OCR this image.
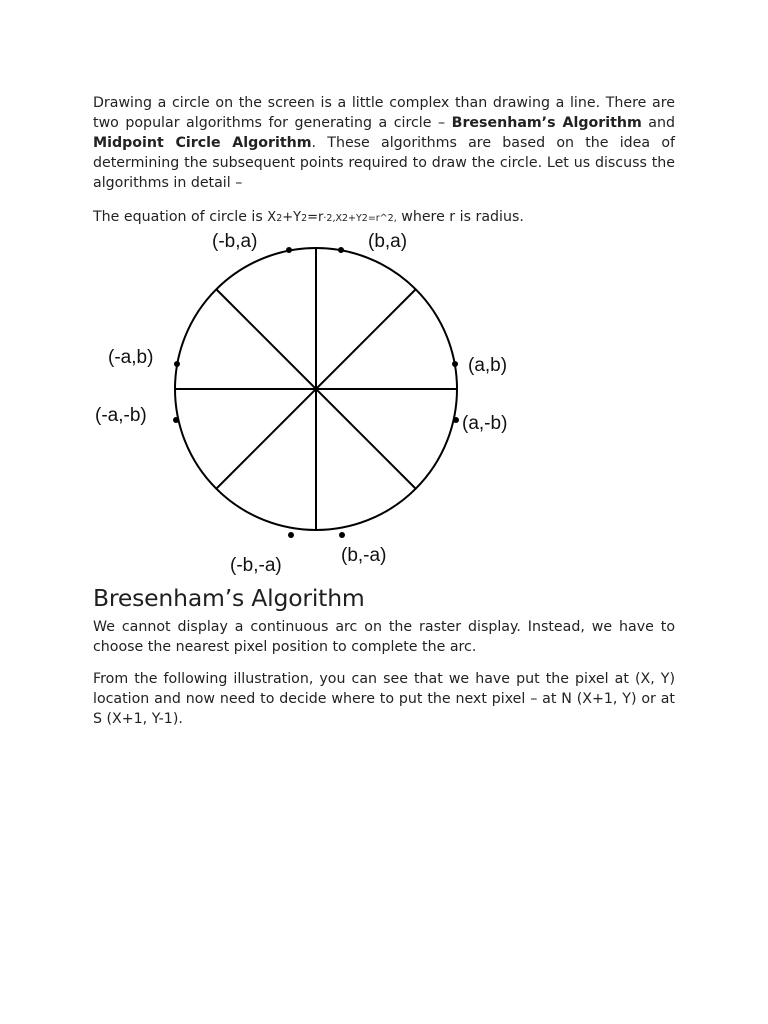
Drawing a circle on the screen is a little complex than drawing a line. There are two popular algorithms for generating a circle – Bresenham’s Algorithm and Midpoint Circle Algorithm. These algorithms are based on the idea of determining the subsequent points required to draw the circle. Let us discuss the algorithms in detail –

The equation of circle is X2+Y2=r·2,X2+Y2=r^2, where r is radius.

(-b,a)	(b,a)
(-a,b)	(a,b)
(-a,-b)	(a,-b)
(-b,-a)	(b,-a)
Bresenham’s Algorithm

We cannot display a continuous arc on the raster display. Instead, we have to choose the nearest pixel position to complete the arc.

From the following illustration, you can see that we have put the pixel at (X, Y) location and now need to decide where to put the next pixel – at N (X+1, Y) or at S (X+1, Y-1).
